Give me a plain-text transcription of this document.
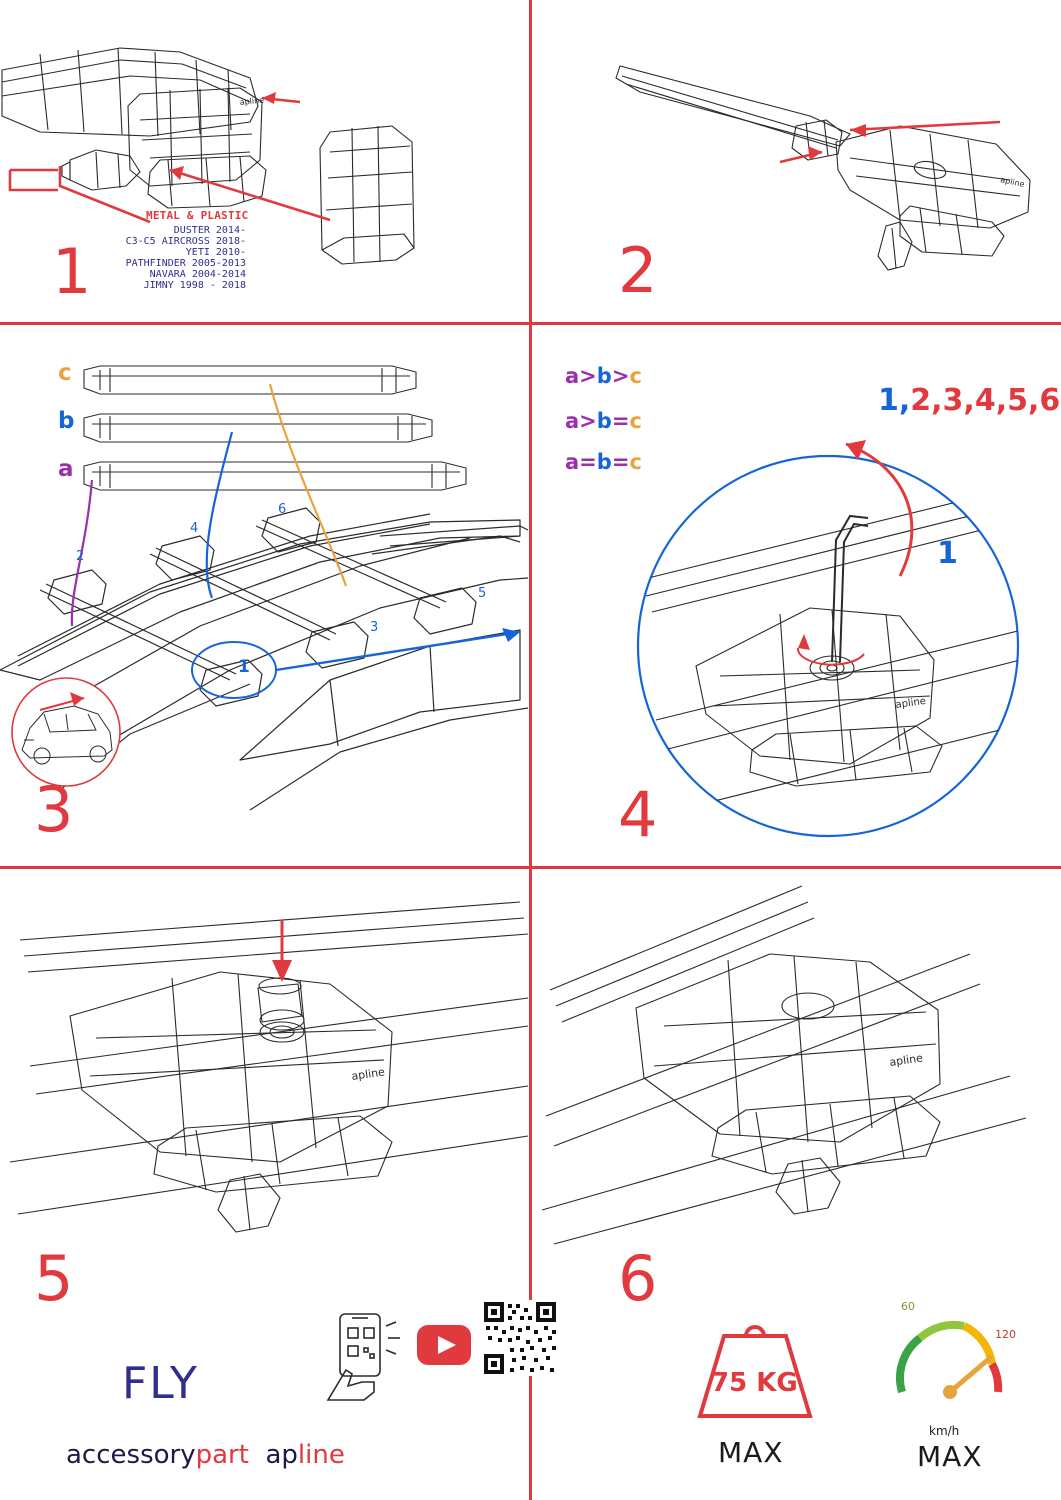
apline
METAL & PLASTIC
DUSTER 2014-
C3-C5 AIRCROSS 2018-
YETI 2010-
PATHFINDER 2005-2013
NAVARA 2004-2014
JIMNY 1998 - 2018
1
apline
2
c
b
a
a>b>c
a>b=c
a=b=c
2
4
6
3
5
1
3
apline
1,2,3,4,5,6
1
4
apline
5
apline
6
FLY
accessorypart apline
75 KG
MAX
60
120
km/h
MAX
